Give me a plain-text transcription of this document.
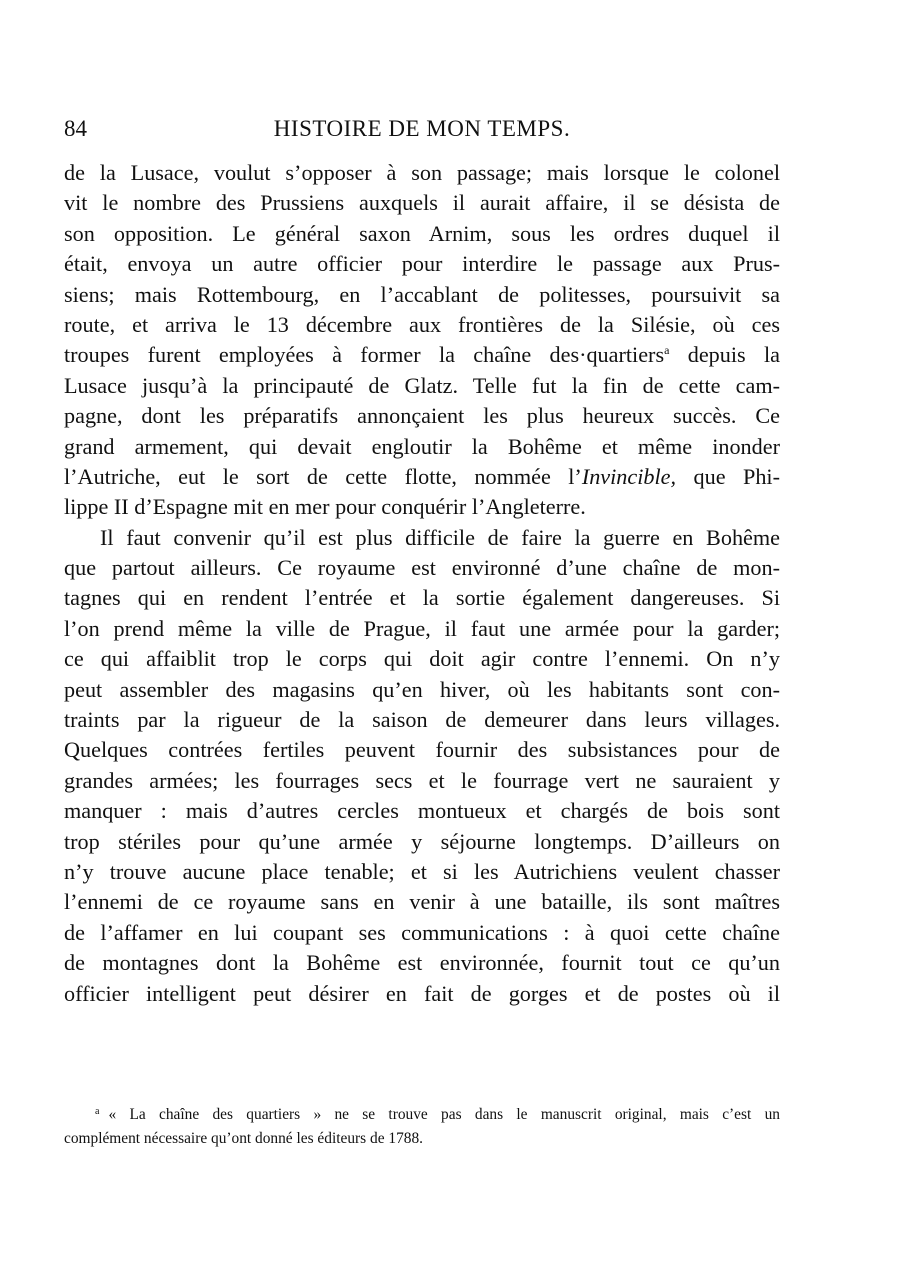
84	HISTOIRE DE MON TEMPS.
de la Lusace, voulut s’opposer à son passage; mais lorsque le colonel
vit le nombre des Prussiens auxquels il aurait affaire, il se désista de
son opposition. Le général saxon Arnim, sous les ordres duquel il
était, envoya un autre officier pour interdire le passage aux Prus-
siens; mais Rottembourg, en l’accablant de politesses, poursuivit sa
route, et arriva le 13 décembre aux frontières de la Silésie, où ces
troupes furent employées à former la chaîne des·quartiers$^a$ depuis la
Lusace jusqu’à la principauté de Glatz. Telle fut la fin de cette cam-
pagne, dont les préparatifs annonçaient les plus heureux succès. Ce
grand armement, qui devait engloutir la Bohême et même inonder
l’Autriche, eut le sort de cette flotte, nommée l’Invincible, que Phi-
lippe II d’Espagne mit en mer pour conquérir l’Angleterre.
Il faut convenir qu’il est plus difficile de faire la guerre en Bohême
que partout ailleurs. Ce royaume est environné d’une chaîne de mon-
tagnes qui en rendent l’entrée et la sortie également dangereuses. Si
l’on prend même la ville de Prague, il faut une armée pour la garder;
ce qui affaiblit trop le corps qui doit agir contre l’ennemi. On n’y
peut assembler des magasins qu’en hiver, où les habitants sont con-
traints par la rigueur de la saison de demeurer dans leurs villages.
Quelques contrées fertiles peuvent fournir des subsistances pour de
grandes armées; les fourrages secs et le fourrage vert ne sauraient y
manquer : mais d’autres cercles montueux et chargés de bois sont
trop stériles pour qu’une armée y séjourne longtemps. D’ailleurs on
n’y trouve aucune place tenable; et si les Autrichiens veulent chasser
l’ennemi de ce royaume sans en venir à une bataille, ils sont maîtres
de l’affamer en lui coupant ses communications : à quoi cette chaîne
de montagnes dont la Bohême est environnée, fournit tout ce qu’un
officier intelligent peut désirer en fait de gorges et de postes où il
$^a$ « La chaîne des quartiers » ne se trouve pas dans le manuscrit original, mais c’est un
complément nécessaire qu’ont donné les éditeurs de 1788.
